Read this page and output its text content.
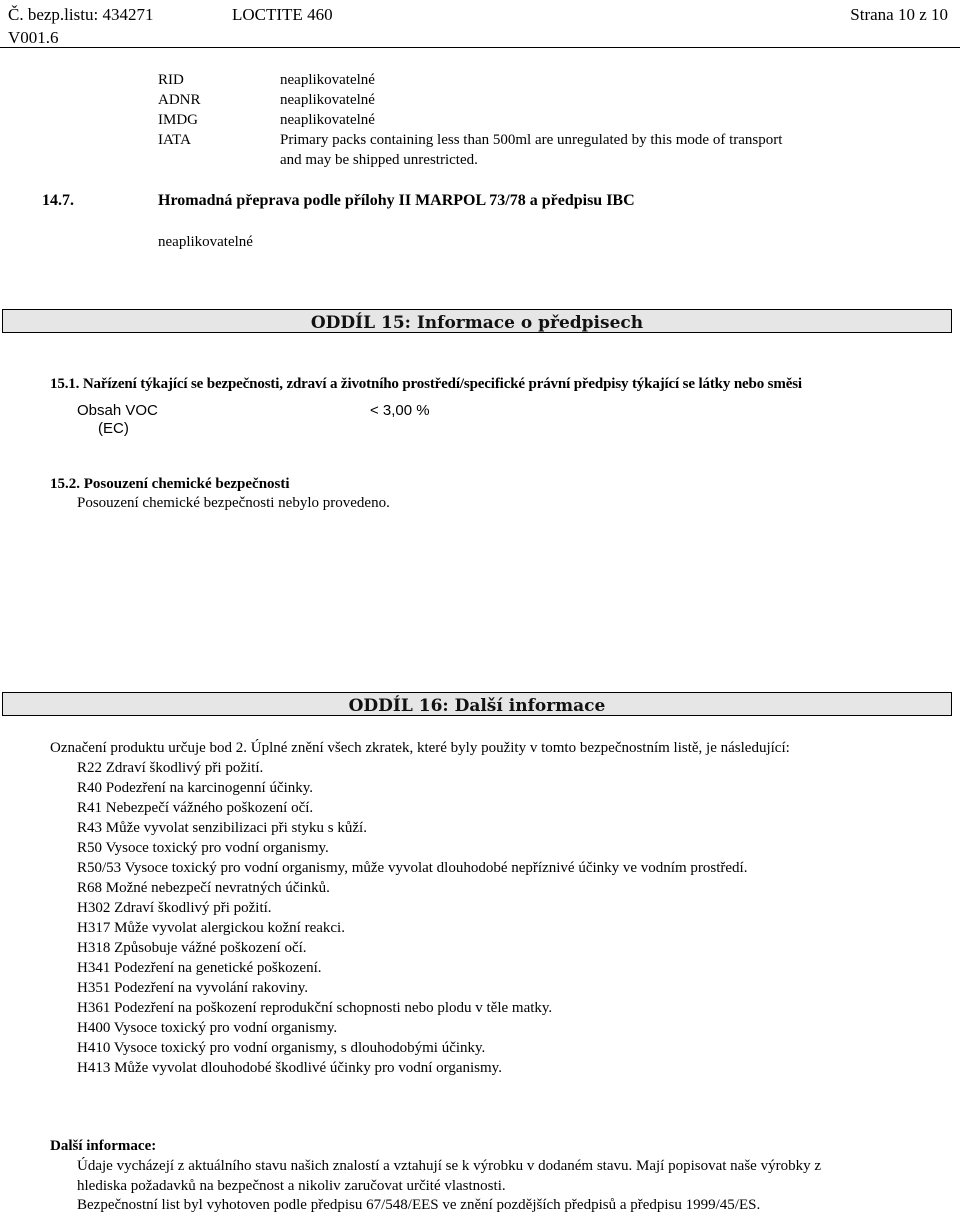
Č. bezp.listu: 434271	LOCTITE 460	Strana 10 z 10
V001.6
RID	neaplikovatelné
ADNR	neaplikovatelné
IMDG	neaplikovatelné
IATA	Primary packs containing less than 500ml are unregulated by this mode of transport
and may be shipped unrestricted.
14.7.	Hromadná přeprava podle přílohy II MARPOL 73/78 a předpisu IBC
neaplikovatelné
ODDÍL 15: Informace o předpisech
15.1. Nařízení týkající se bezpečnosti, zdraví a životního prostředí/specifické právní předpisy týkající se látky nebo směsi
Obsah VOC	< 3,00 %
(EC)
15.2. Posouzení chemické bezpečnosti
Posouzení chemické bezpečnosti nebylo provedeno.
ODDÍL 16: Další informace
Označení produktu určuje bod 2. Úplné znění všech zkratek, které byly použity v tomto bezpečnostním listě, je následující:
R22 Zdraví škodlivý při požití.
R40 Podezření na karcinogenní účinky.
R41 Nebezpečí vážného poškození očí.
R43 Může vyvolat senzibilizaci při styku s kůží.
R50 Vysoce toxický pro vodní organismy.
R50/53 Vysoce toxický pro vodní organismy, může vyvolat dlouhodobé nepříznivé účinky ve vodním prostředí.
R68 Možné nebezpečí nevratných účinků.
H302 Zdraví škodlivý při požití.
H317 Může vyvolat alergickou kožní reakci.
H318 Způsobuje vážné poškození očí.
H341 Podezření na genetické poškození.
H351 Podezření na vyvolání rakoviny.
H361 Podezření na poškození reprodukční schopnosti nebo plodu v těle matky.
H400 Vysoce toxický pro vodní organismy.
H410 Vysoce toxický pro vodní organismy, s dlouhodobými účinky.
H413 Může vyvolat dlouhodobé škodlivé účinky pro vodní organismy.
Další informace:
Údaje vycházejí z aktuálního stavu našich znalostí a vztahují se k výrobku v dodaném stavu. Mají popisovat naše výrobky z
hlediska požadavků na bezpečnost a nikoliv zaručovat určité vlastnosti.
Bezpečnostní list byl vyhotoven podle předpisu 67/548/EES ve znění pozdějších předpisů a předpisu 1999/45/ES.
